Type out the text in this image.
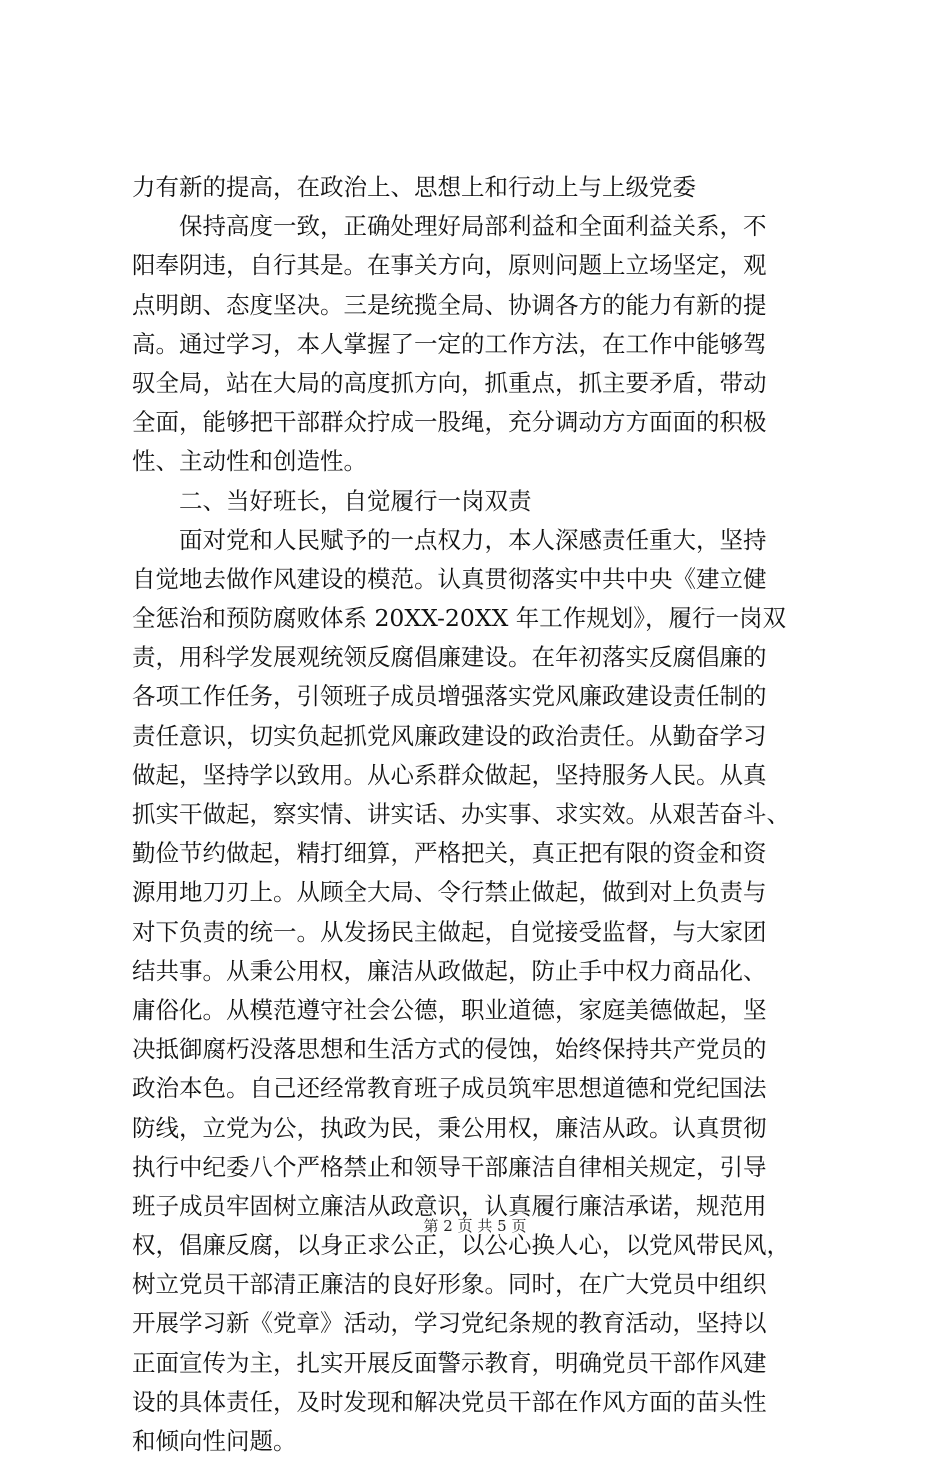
力有新的提高，在政治上、思想上和行动上与上级党委
　　保持高度一致，正确处理好局部利益和全面利益关系，不
阳奉阴违，自行其是。在事关方向，原则问题上立场坚定，观
点明朗、态度坚决。三是统揽全局、协调各方的能力有新的提
高。通过学习，本人掌握了一定的工作方法，在工作中能够驾
驭全局，站在大局的高度抓方向，抓重点，抓主要矛盾，带动
全面，能够把干部群众拧成一股绳，充分调动方方面面的积极
性、主动性和创造性。
　　二、当好班长，自觉履行一岗双责
　　面对党和人民赋予的一点权力，本人深感责任重大，坚持
自觉地去做作风建设的模范。认真贯彻落实中共中央《建立健
全惩治和预防腐败体系 20XX-20XX 年工作规划》，履行一岗双
责，用科学发展观统领反腐倡廉建设。在年初落实反腐倡廉的
各项工作任务，引领班子成员增强落实党风廉政建设责任制的
责任意识，切实负起抓党风廉政建设的政治责任。从勤奋学习
做起，坚持学以致用。从心系群众做起，坚持服务人民。从真
抓实干做起，察实情、讲实话、办实事、求实效。从艰苦奋斗、
勤俭节约做起，精打细算，严格把关，真正把有限的资金和资
源用地刀刃上。从顾全大局、令行禁止做起，做到对上负责与
对下负责的统一。从发扬民主做起，自觉接受监督，与大家团
结共事。从秉公用权，廉洁从政做起，防止手中权力商品化、
庸俗化。从模范遵守社会公德，职业道德，家庭美德做起，坚
决抵御腐朽没落思想和生活方式的侵蚀，始终保持共产党员的
政治本色。自己还经常教育班子成员筑牢思想道德和党纪国法
防线，立党为公，执政为民，秉公用权，廉洁从政。认真贯彻
执行中纪委八个严格禁止和领导干部廉洁自律相关规定，引导
班子成员牢固树立廉洁从政意识，认真履行廉洁承诺，规范用
权，倡廉反腐，以身正求公正，以公心换人心，以党风带民风，
树立党员干部清正廉洁的良好形象。同时，在广大党员中组织
开展学习新《党章》活动，学习党纪条规的教育活动，坚持以
正面宣传为主，扎实开展反面警示教育，明确党员干部作风建
设的具体责任，及时发现和解决党员干部在作风方面的苗头性
和倾向性问题。
第 2 页 共 5 页
